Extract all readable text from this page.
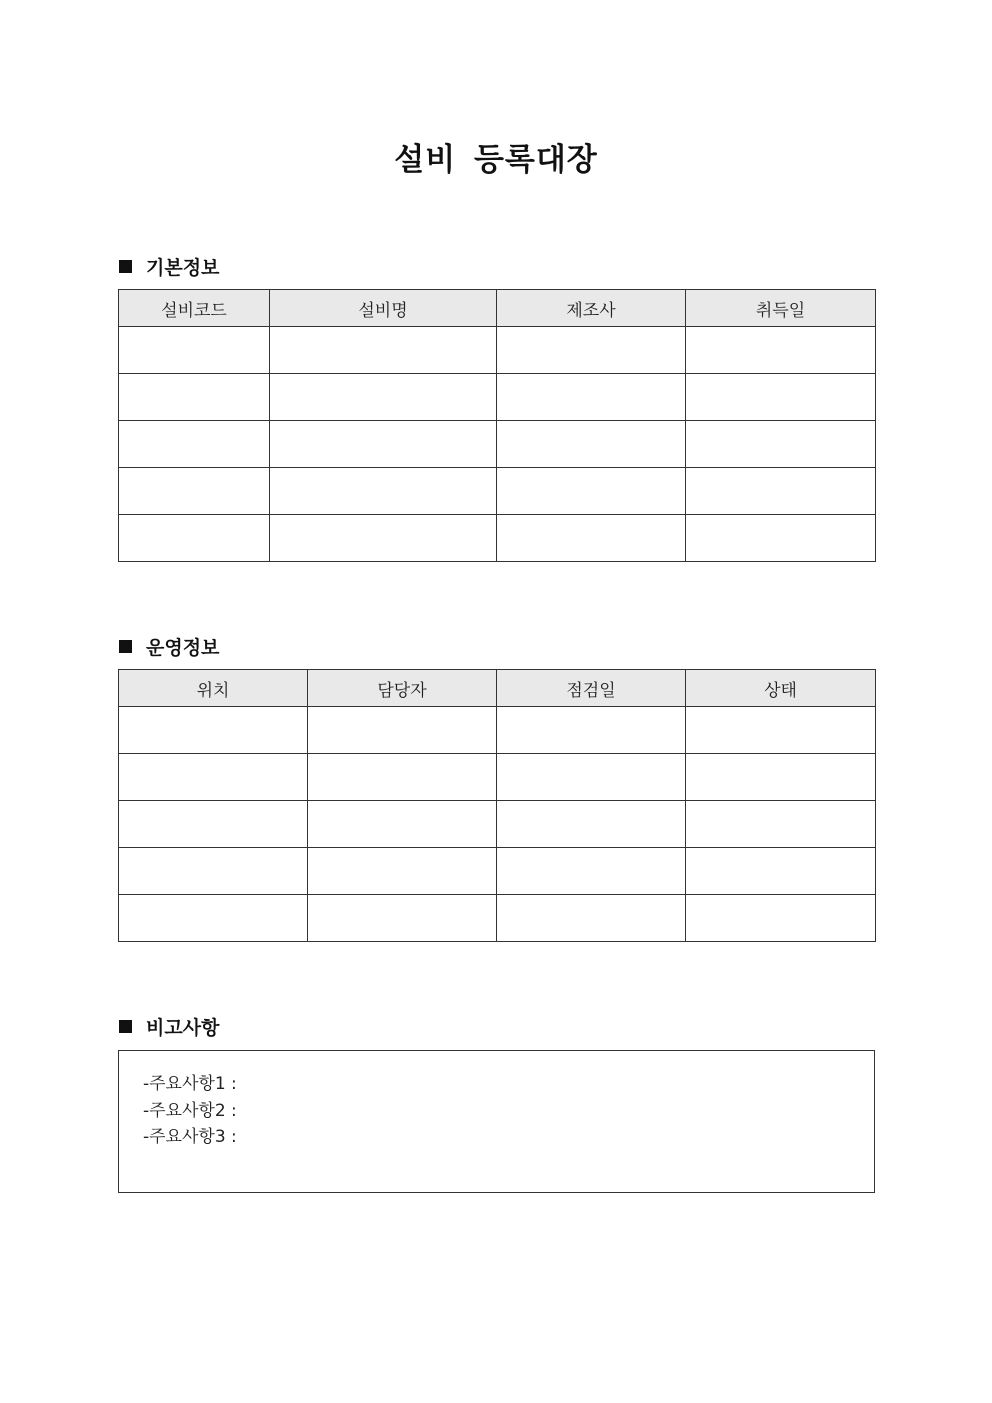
설비 등록대장
기본정보
설비코드	설비명	제조사	취득일

운영정보
위치	담당자	점검일	상태

비고사항
-주요사항1 :
-주요사항2 :
-주요사항3 :
